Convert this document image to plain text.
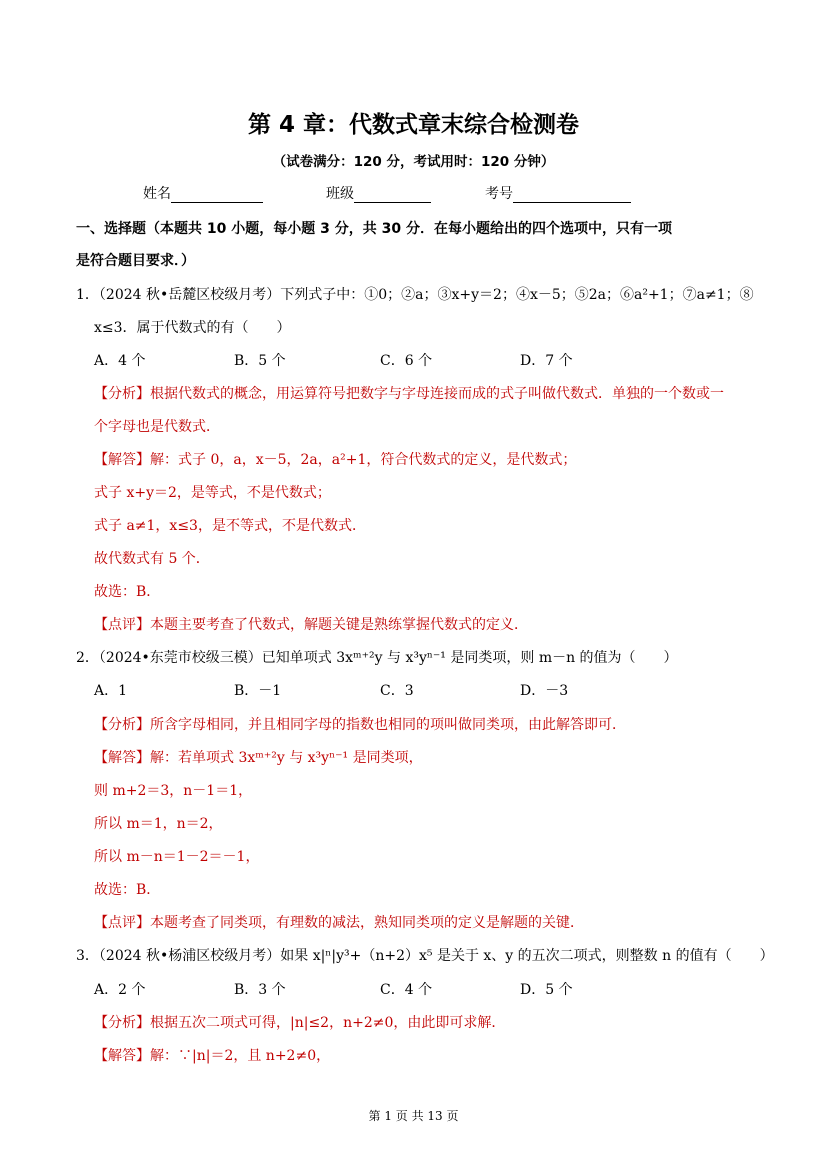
第 4 章：代数式章末综合检测卷
（试卷满分：120 分，考试用时：120 分钟）
姓名	班级	考号
一、选择题（本题共 10 小题，每小题 3 分，共 30 分．在每小题给出的四个选项中，只有一项
是符合题目要求．）
1．（2024 秋•岳麓区校级月考）下列式子中：①0；②a；③x+y＝2；④x－5；⑤2a；⑥a²+1；⑦a≠1；⑧
x≤3．属于代数式的有（　　）
A．4 个	B．5 个	C．6 个	D．7 个
【分析】根据代数式的概念，用运算符号把数字与字母连接而成的式子叫做代数式．单独的一个数或一
个字母也是代数式．
【解答】解：式子 0，a，x－5，2a，a²+1，符合代数式的定义，是代数式；
式子 x+y＝2，是等式，不是代数式；
式子 a≠1，x≤3，是不等式，不是代数式．
故代数式有 5 个．
故选：B．
【点评】本题主要考查了代数式，解题关键是熟练掌握代数式的定义．
2．（2024•东莞市校级三模）已知单项式 3xᵐ⁺²y 与 x³yⁿ⁻¹ 是同类项，则 m－n 的值为（　　）
A．1	B．－1	C．3	D．－3
【分析】所含字母相同，并且相同字母的指数也相同的项叫做同类项，由此解答即可．
【解答】解：若单项式 3xᵐ⁺²y 与 x³yⁿ⁻¹ 是同类项，
则 m+2＝3，n－1＝1，
所以 m＝1，n＝2，
所以 m－n＝1－2＝－1，
故选：B．
【点评】本题考查了同类项，有理数的减法，熟知同类项的定义是解题的关键．
3．（2024 秋•杨浦区校级月考）如果 x|ⁿ|y³+（n+2）x⁵ 是关于 x、y 的五次二项式，则整数 n 的值有（　　）
A．2 个	B．3 个	C．4 个	D．5 个
【分析】根据五次二项式可得，|n|≤2，n+2≠0，由此即可求解．
【解答】解：∵|n|＝2，且 n+2≠0，
第 1 页 共 13 页
